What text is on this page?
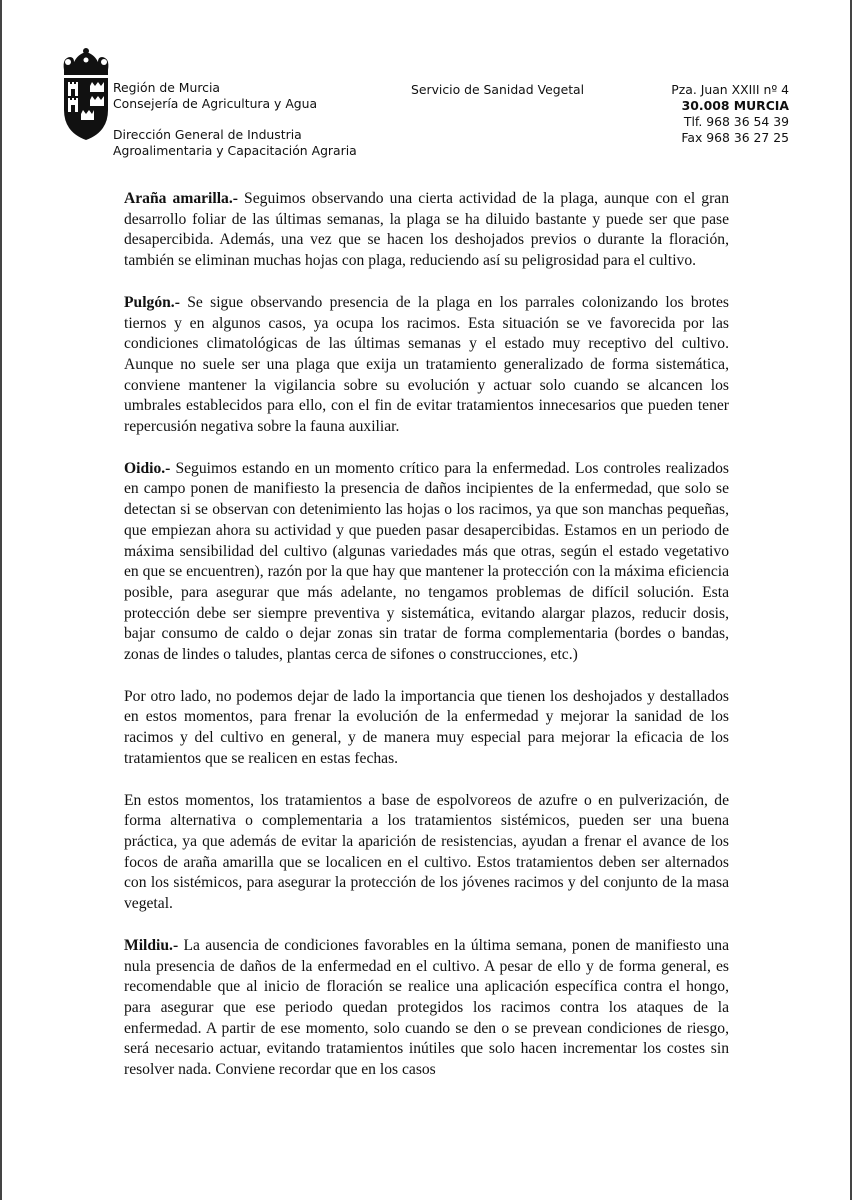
Región de Murcia
Consejería de Agricultura y Agua
Dirección General de Industria
Agroalimentaria y Capacitación Agraria
Servicio de Sanidad Vegetal	Pza. Juan XXIII nº 4
30.008 MURCIA
Tlf. 968 36 54 39
Fax 968 36 27 25

Araña amarilla.- Seguimos observando una cierta actividad de la plaga, aunque con el gran desarrollo foliar de las últimas semanas, la plaga se ha diluido bastante y puede ser que pase desapercibida. Además, una vez que se hacen los deshojados previos o durante la floración, también se eliminan muchas hojas con plaga, reduciendo así su peligrosidad para el cultivo.

Pulgón.- Se sigue observando presencia de la plaga en los parrales colonizando los brotes tiernos y en algunos casos, ya ocupa los racimos. Esta situación se ve favorecida por las condiciones climatológicas de las últimas semanas y el estado muy receptivo del cultivo. Aunque no suele ser una plaga que exija un tratamiento generalizado de forma sistemática, conviene mantener la vigilancia sobre su evolución y actuar solo cuando se alcancen los umbrales establecidos para ello, con el fin de evitar tratamientos innecesarios que pueden tener repercusión negativa sobre la fauna auxiliar.

Oidio.- Seguimos estando en un momento crítico para la enfermedad. Los controles realizados en campo ponen de manifiesto la presencia de daños incipientes de la enfermedad, que solo se detectan si se observan con detenimiento las hojas o los racimos, ya que son manchas pequeñas, que empiezan ahora su actividad y que pueden pasar desapercibidas. Estamos en un periodo de máxima sensibilidad del cultivo (algunas variedades más que otras, según el estado vegetativo en que se encuentren), razón por la que hay que mantener la protección con la máxima eficiencia posible, para asegurar que más adelante, no tengamos problemas de difícil solución. Esta protección debe ser siempre preventiva y sistemática, evitando alargar plazos, reducir dosis, bajar consumo de caldo o dejar zonas sin tratar de forma complementaria (bordes o bandas, zonas de lindes o taludes, plantas cerca de sifones o construcciones, etc.)

Por otro lado, no podemos dejar de lado la importancia que tienen los deshojados y destallados en estos momentos, para frenar la evolución de la enfermedad y mejorar la sanidad de los racimos y del cultivo en general, y de manera muy especial para mejorar la eficacia de los tratamientos que se realicen en estas fechas.

En estos momentos, los tratamientos a base de espolvoreos de azufre o en pulverización, de forma alternativa o complementaria a los tratamientos sistémicos, pueden ser una buena práctica, ya que además de evitar la aparición de resistencias, ayudan a frenar el avance de los focos de araña amarilla que se localicen en el cultivo. Estos tratamientos deben ser alternados con los sistémicos, para asegurar la protección de los jóvenes racimos y del conjunto de la masa vegetal.

Mildiu.- La ausencia de condiciones favorables en la última semana, ponen de manifiesto una nula presencia de daños de la enfermedad en el cultivo. A pesar de ello y de forma general, es recomendable que al inicio de floración se realice una aplicación específica contra el hongo, para asegurar que ese periodo quedan protegidos los racimos contra los ataques de la enfermedad. A partir de ese momento, solo cuando se den o se prevean condiciones de riesgo, será necesario actuar, evitando tratamientos inútiles que solo hacen incrementar los costes sin resolver nada. Conviene recordar que en los casos
